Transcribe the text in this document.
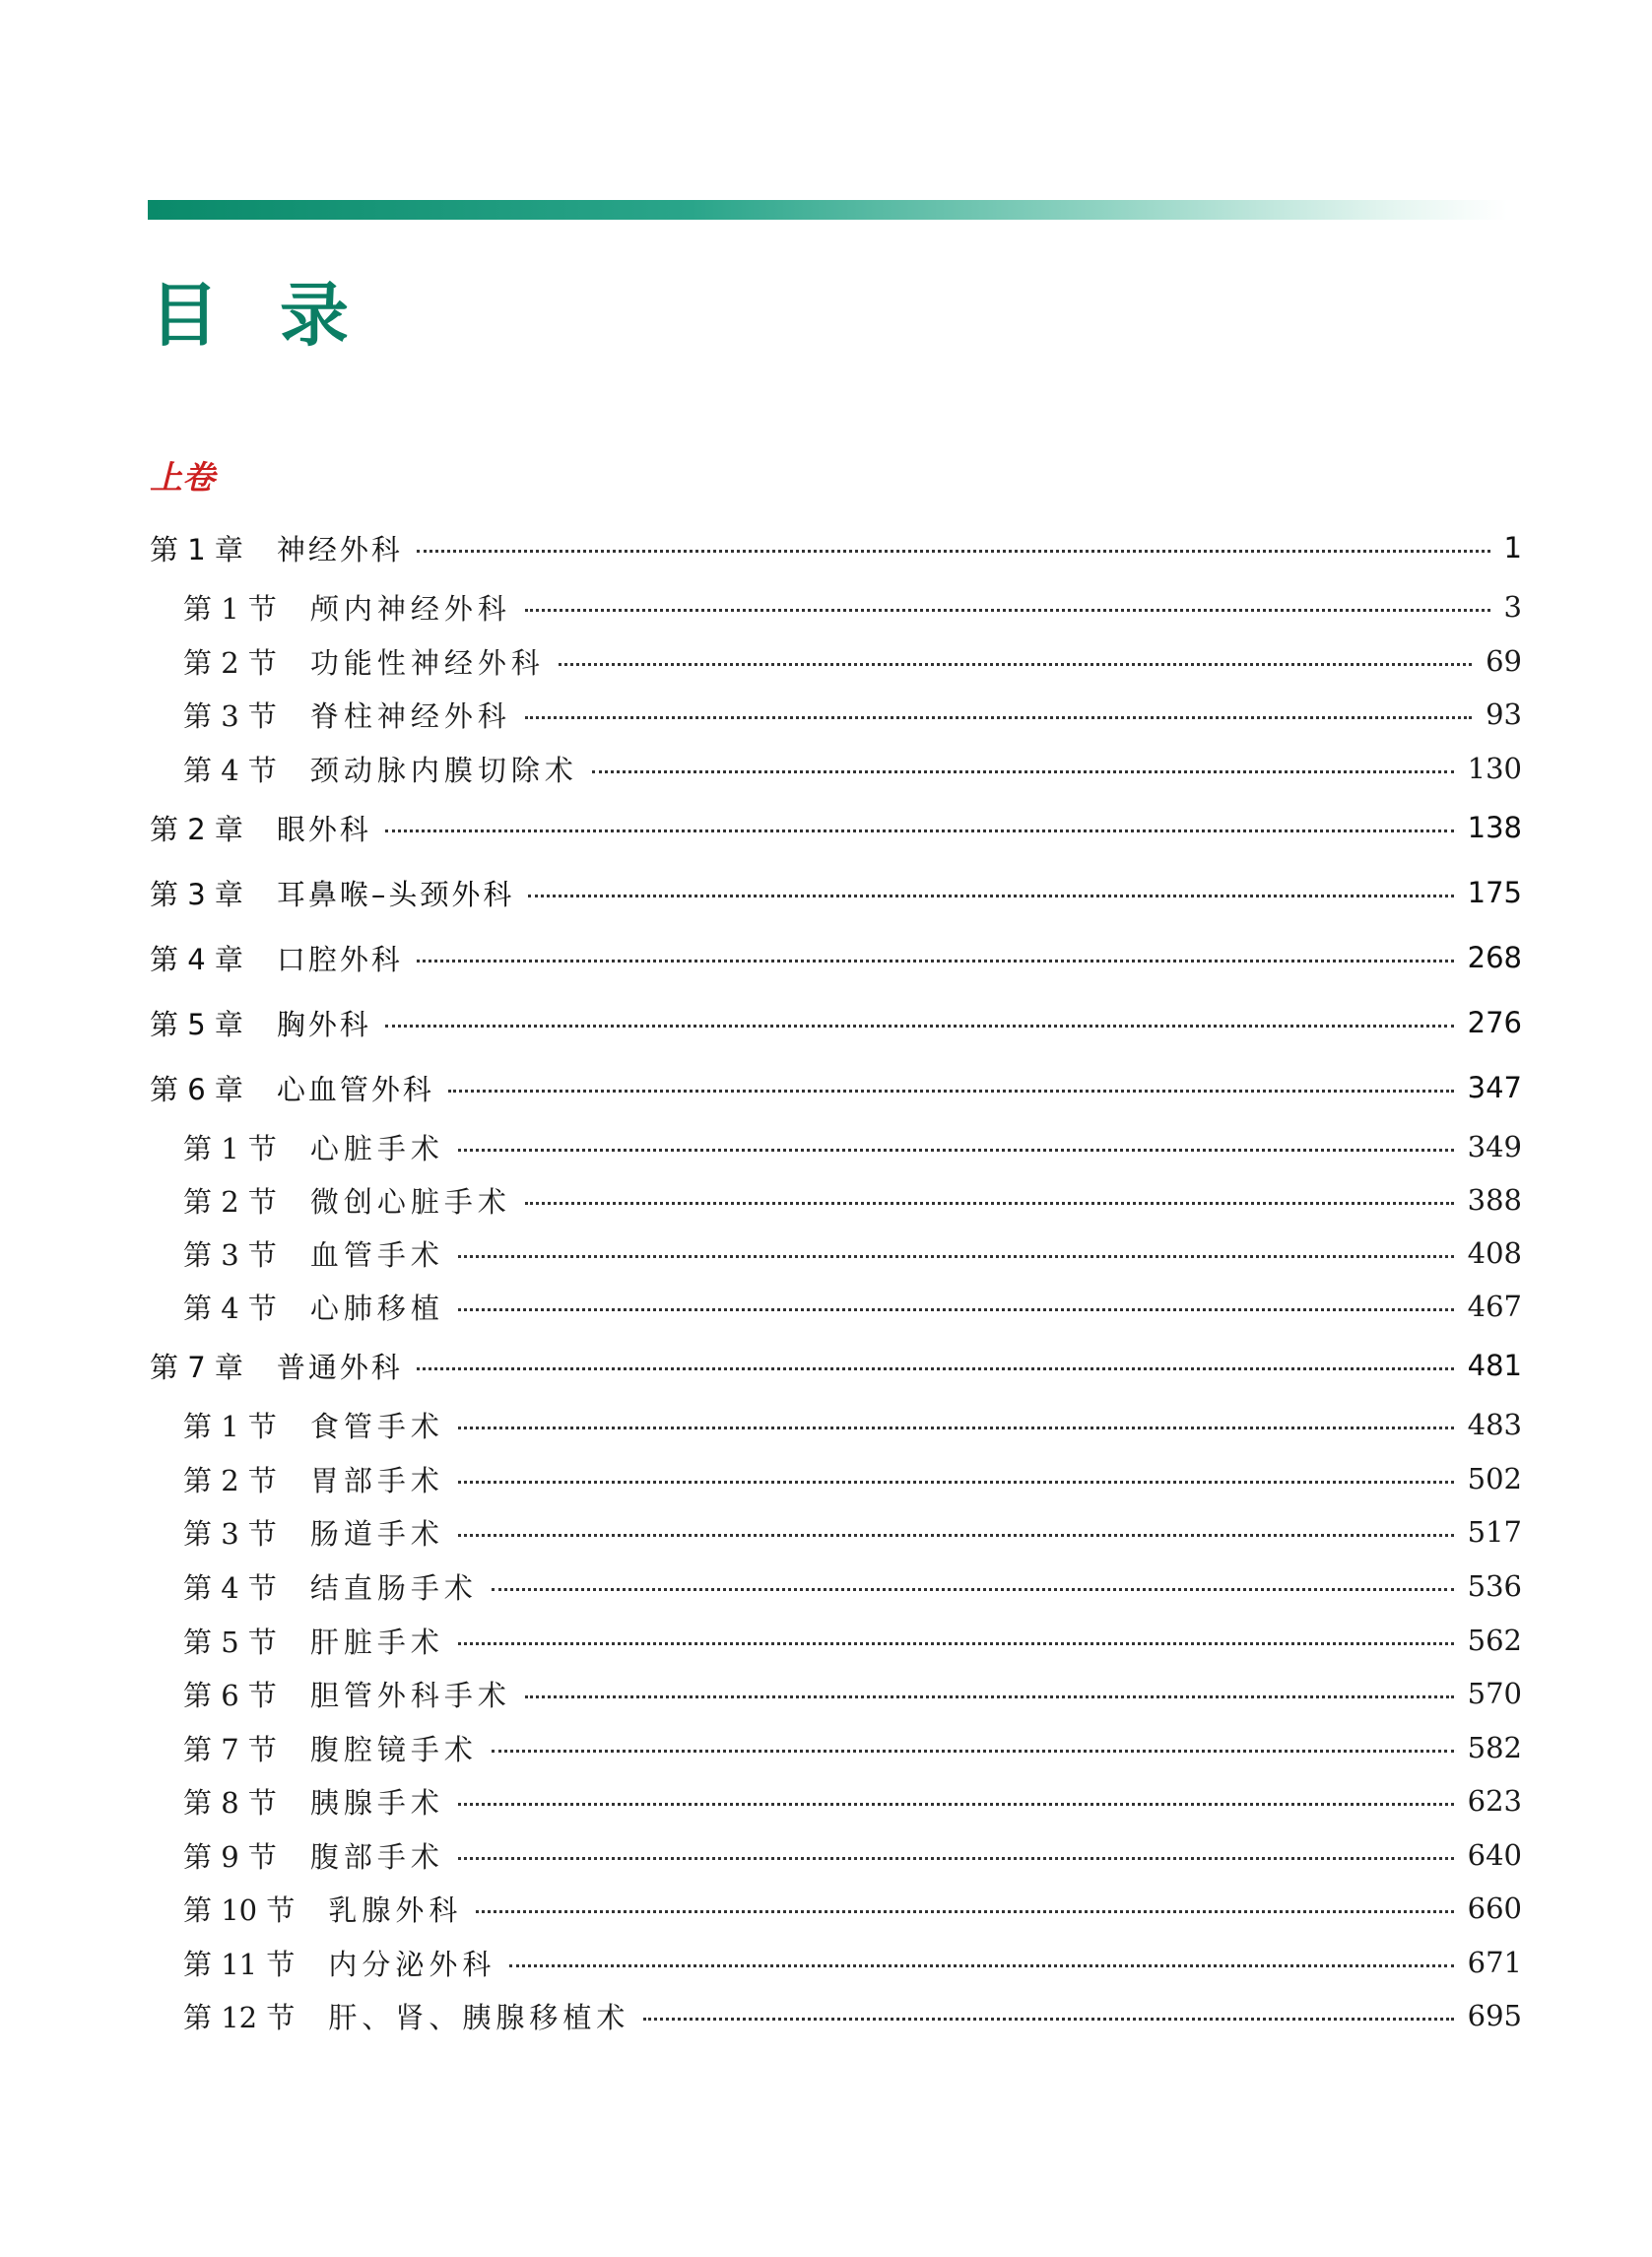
目录
上卷
第 1 章 神经外科	1
第 1 节 颅内神经外科	3
第 2 节 功能性神经外科	69
第 3 节 脊柱神经外科	93
第 4 节 颈动脉内膜切除术	130
第 2 章 眼外科	138
第 3 章 耳鼻喉–头颈外科	175
第 4 章 口腔外科	268
第 5 章 胸外科	276
第 6 章 心血管外科	347
第 1 节 心脏手术	349
第 2 节 微创心脏手术	388
第 3 节 血管手术	408
第 4 节 心肺移植	467
第 7 章 普通外科	481
第 1 节 食管手术	483
第 2 节 胃部手术	502
第 3 节 肠道手术	517
第 4 节 结直肠手术	536
第 5 节 肝脏手术	562
第 6 节 胆管外科手术	570
第 7 节 腹腔镜手术	582
第 8 节 胰腺手术	623
第 9 节 腹部手术	640
第 10 节 乳腺外科	660
第 11 节 内分泌外科	671
第 12 节 肝、肾、胰腺移植术	695
